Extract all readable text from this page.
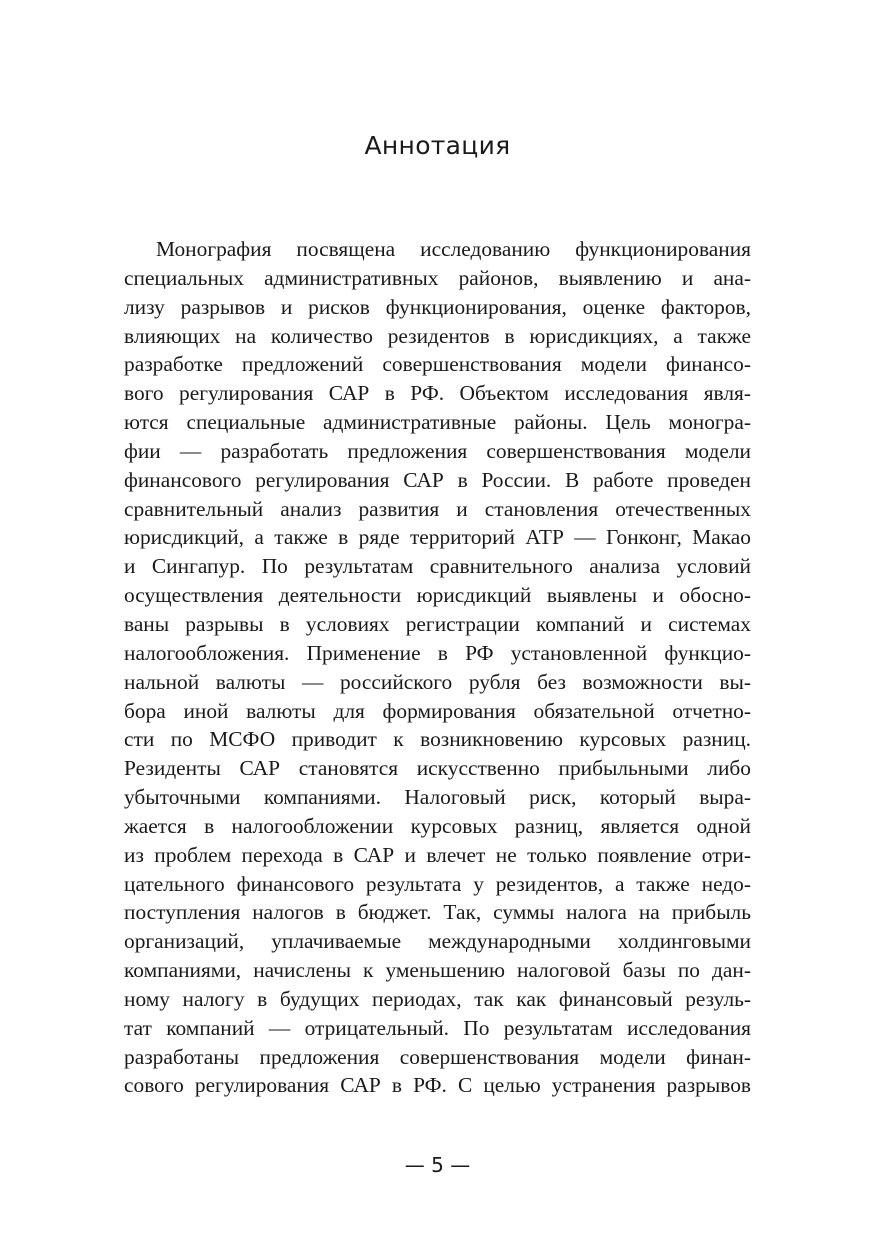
Аннотация
Монография посвящена исследованию функционирования
специальных административных районов, выявлению и ана-
лизу разрывов и рисков функционирования, оценке факторов,
влияющих на количество резидентов в юрисдикциях, а также
разработке предложений совершенствования модели финансо-
вого регулирования САР в РФ. Объектом исследования явля-
ются специальные административные районы. Цель моногра-
фии — разработать предложения совершенствования модели
финансового регулирования САР в России. В работе проведен
сравнительный анализ развития и становления отечественных
юрисдикций, а также в ряде территорий АТР — Гонконг, Макао
и Сингапур. По результатам сравнительного анализа условий
осуществления деятельности юрисдикций выявлены и обосно-
ваны разрывы в условиях регистрации компаний и системах
налогообложения. Применение в РФ установленной функцио-
нальной валюты — российского рубля без возможности вы-
бора иной валюты для формирования обязательной отчетно-
сти по МСФО приводит к возникновению курсовых разниц.
Резиденты САР становятся искусственно прибыльными либо
убыточными компаниями. Налоговый риск, который выра-
жается в налогообложении курсовых разниц, является одной
из проблем перехода в САР и влечет не только появление отри-
цательного финансового результата у резидентов, а также недо-
поступления налогов в бюджет. Так, суммы налога на прибыль
организаций, уплачиваемые международными холдинговыми
компаниями, начислены к уменьшению налоговой базы по дан-
ному налогу в будущих периодах, так как финансовый резуль-
тат компаний — отрицательный. По результатам исследования
разработаны предложения совершенствования модели финан-
сового регулирования САР в РФ. С целью устранения разрывов
— 5 —
